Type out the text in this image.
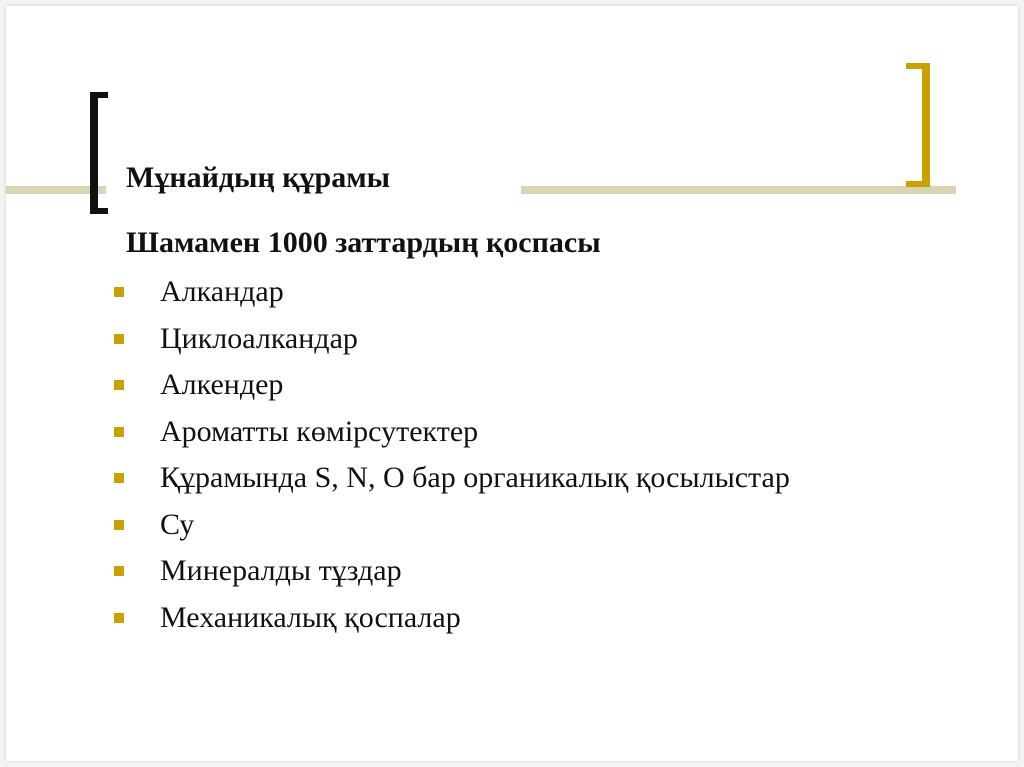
Мұнайдың құрамы
Шамамен 1000 заттардың қоспасы
Алкандар
Циклоалкандар
Алкендер
Ароматты көмірсутектер
Құрамында S, N, O бар органикалық қосылыстар
Су
Минералды тұздар
Механикалық қоспалар
